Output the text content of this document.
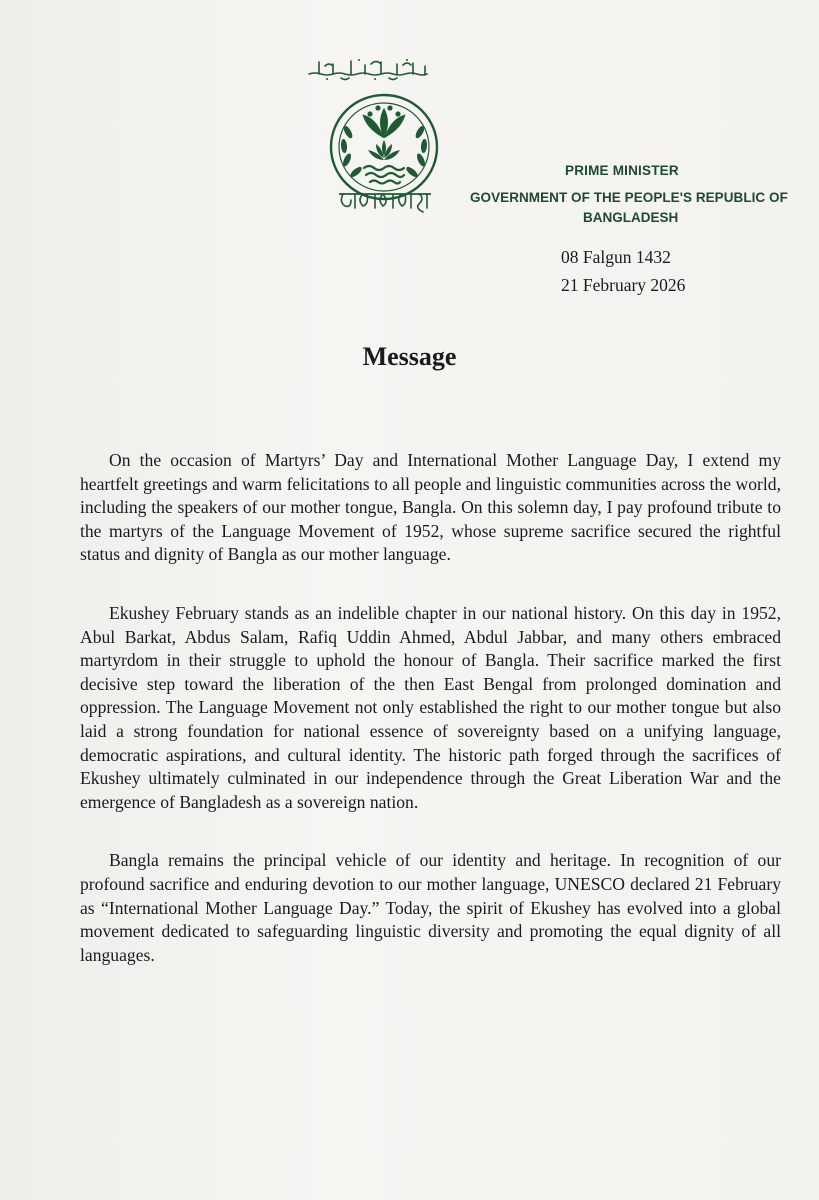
PRIME MINISTER
GOVERNMENT OF THE PEOPLE'S REPUBLIC OF
BANGLADESH
08 Falgun 1432
21 February 2026
Message

On the occasion of Martyrs’ Day and International Mother Language Day, I extend my heartfelt greetings and warm felicitations to all people and linguistic communities across the world, including the speakers of our mother tongue, Bangla. On this solemn day, I pay profound tribute to the martyrs of the Language Movement of 1952, whose supreme sacrifice secured the rightful status and dignity of Bangla as our mother language.

Ekushey February stands as an indelible chapter in our national history. On this day in 1952, Abul Barkat, Abdus Salam, Rafiq Uddin Ahmed, Abdul Jabbar, and many others embraced martyrdom in their struggle to uphold the honour of Bangla. Their sacrifice marked the first decisive step toward the liberation of the then East Bengal from prolonged domination and oppression. The Language Movement not only established the right to our mother tongue but also laid a strong foundation for national essence of sovereignty based on a unifying language, democratic aspirations, and cultural identity. The historic path forged through the sacrifices of Ekushey ultimately culminated in our independence through the Great Liberation War and the emergence of Bangladesh as a sovereign nation.

Bangla remains the principal vehicle of our identity and heritage. In recognition of our profound sacrifice and enduring devotion to our mother language, UNESCO declared 21 February as “International Mother Language Day.” Today, the spirit of Ekushey has evolved into a global movement dedicated to safeguarding linguistic diversity and promoting the equal dignity of all languages.
